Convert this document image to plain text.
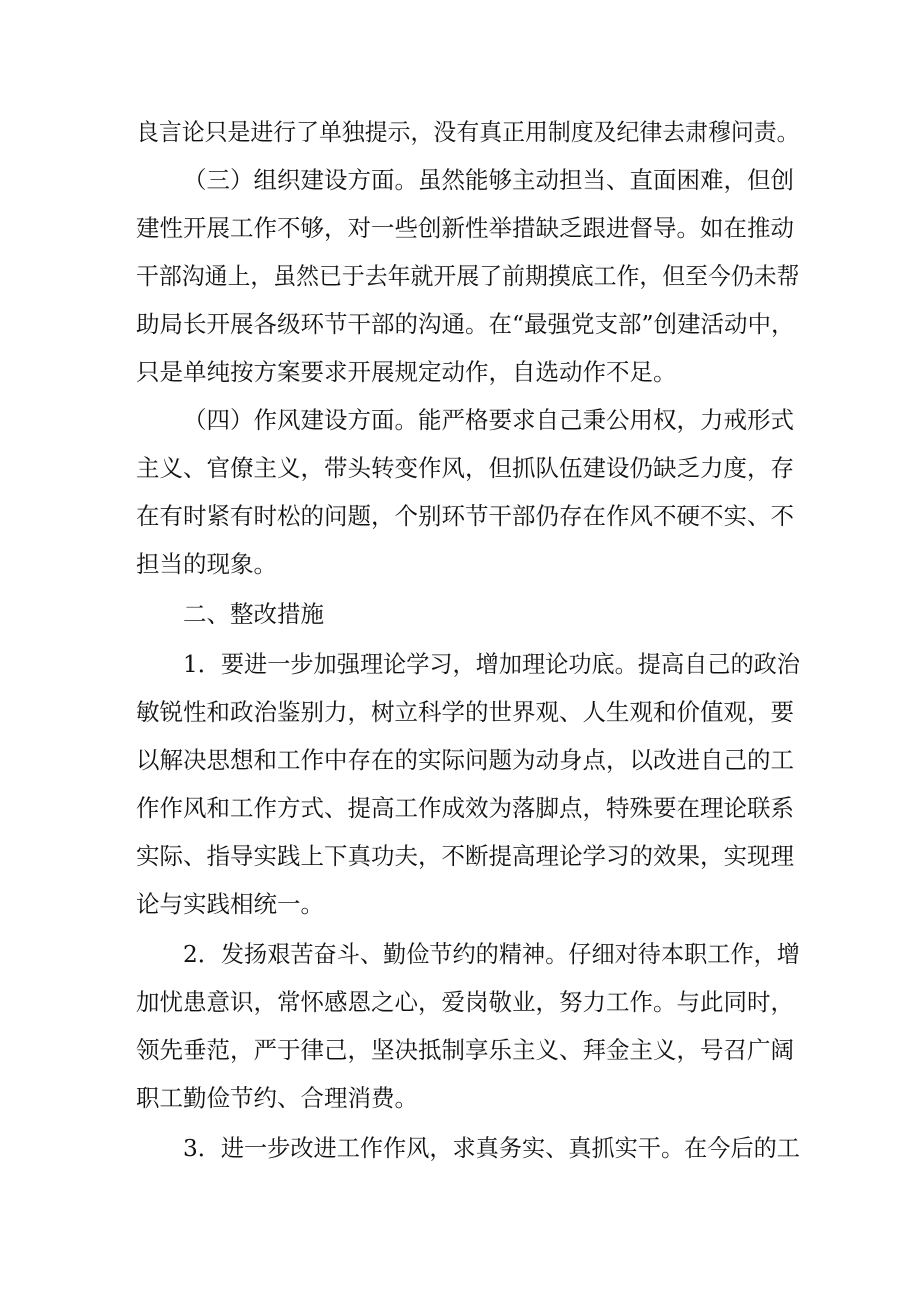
良言论只是进行了单独提示，没有真正用制度及纪律去肃穆问责。
（三）组织建设方面。虽然能够主动担当、直面困难，但创
建性开展工作不够，对一些创新性举措缺乏跟进督导。如在推动
干部沟通上，虽然已于去年就开展了前期摸底工作，但至今仍未帮
助局长开展各级环节干部的沟通。在“最强党支部”创建活动中，
只是单纯按方案要求开展规定动作，自选动作不足。
（四）作风建设方面。能严格要求自己秉公用权，力戒形式
主义、官僚主义，带头转变作风，但抓队伍建设仍缺乏力度，存
在有时紧有时松的问题，个别环节干部仍存在作风不硬不实、不
担当的现象。
二、整改措施
1．要进一步加强理论学习，增加理论功底。提高自己的政治
敏锐性和政治鉴别力，树立科学的世界观、人生观和价值观，要
以解决思想和工作中存在的实际问题为动身点，以改进自己的工
作作风和工作方式、提高工作成效为落脚点，特殊要在理论联系
实际、指导实践上下真功夫，不断提高理论学习的效果，实现理
论与实践相统一。
2．发扬艰苦奋斗、勤俭节约的精神。仔细对待本职工作，增
加忧患意识，常怀感恩之心，爱岗敬业，努力工作。与此同时，
领先垂范，严于律己，坚决抵制享乐主义、拜金主义，号召广阔
职工勤俭节约、合理消费。
3．进一步改进工作作风，求真务实、真抓实干。在今后的工
